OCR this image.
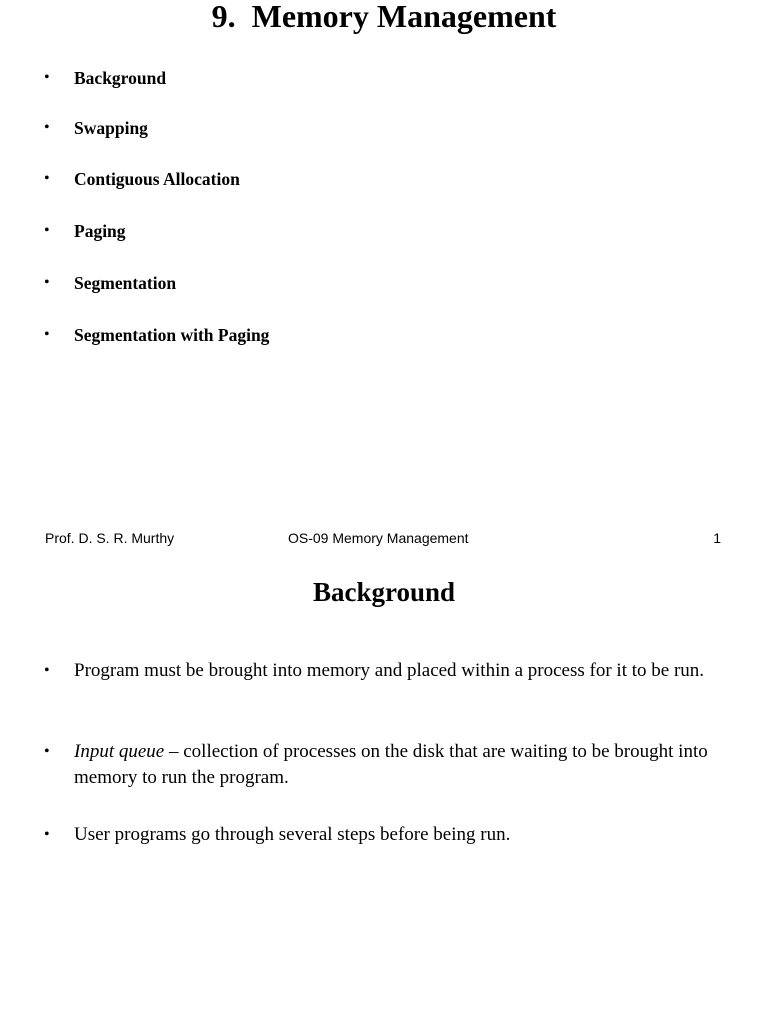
9.  Memory Management
• Background
• Swapping
• Contiguous Allocation
• Paging
• Segmentation
• Segmentation with Paging
Prof. D. S. R. Murthy	OS-09 Memory Management	1
Background
• Program must be brought into memory and placed within a process for it to be run.
• Input queue – collection of processes on the disk that are waiting to be brought into memory to run the program.
• User programs go through several steps before being run.
